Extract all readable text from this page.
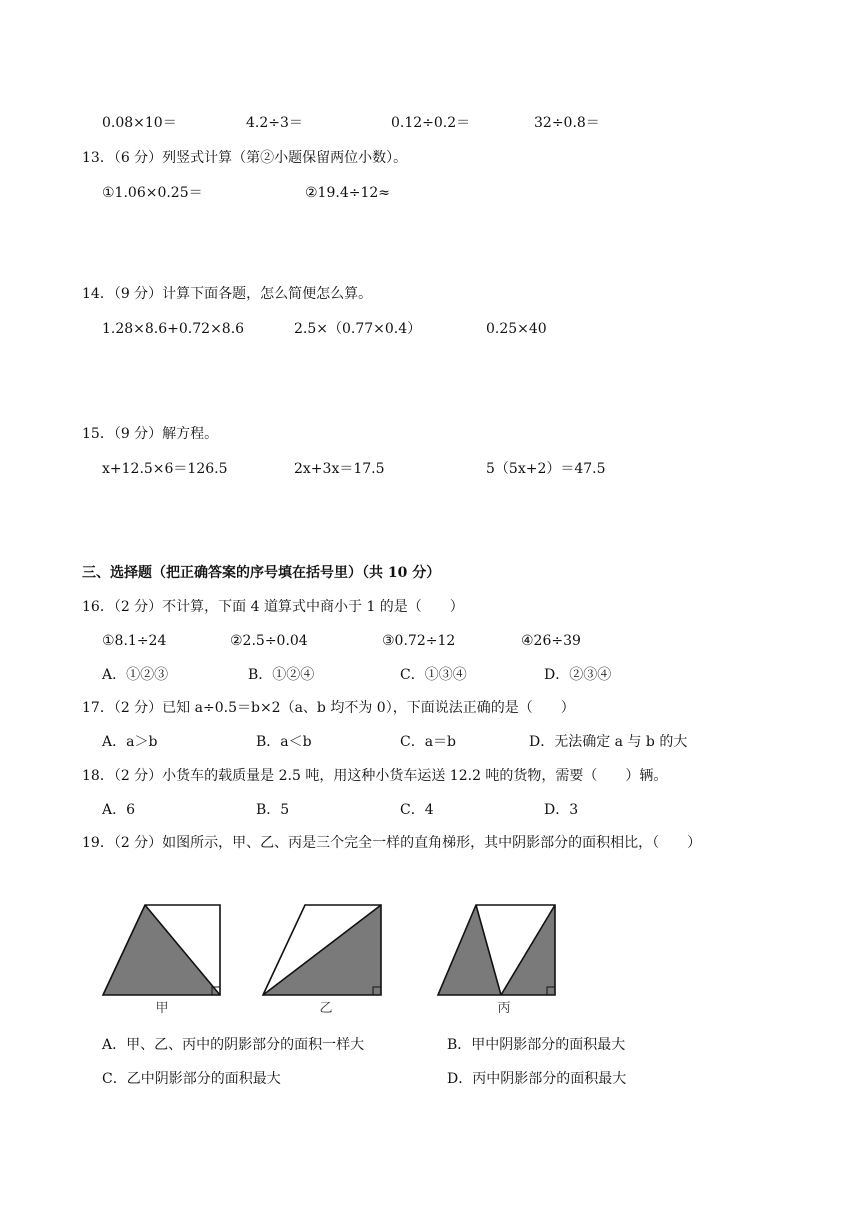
0.08×10＝	4.2÷3＝	0.12÷0.2＝	32÷0.8＝
13．（6 分）列竖式计算（第②小题保留两位小数）。
①1.06×0.25＝	②19.4÷12≈
14．（9 分）计算下面各题，怎么简便怎么算。
1.28×8.6+0.72×8.6	2.5×（0.77×0.4）	0.25×40
15．（9 分）解方程。
x+12.5×6＝126.5	2x+3x＝17.5	5（5x+2）＝47.5
三、选择题（把正确答案的序号填在括号里）（共 10 分）
16．（2 分）不计算，下面 4 道算式中商小于 1 的是（　　）
①8.1÷24	②2.5÷0.04	③0.72÷12	④26÷39
A．①②③	B．①②④	C．①③④	D．②③④
17．（2 分）已知 a÷0.5＝b×2（a、b 均不为 0），下面说法正确的是（　　）
A．a＞b	B．a＜b	C．a＝b	D．无法确定 a 与 b 的大
18．（2 分）小货车的载质量是 2.5 吨，用这种小货车运送 12.2 吨的货物，需要（　　）辆。
A．6	B．5	C．4	D．3
19．（2 分）如图所示，甲、乙、丙是三个完全一样的直角梯形，其中阴影部分的面积相比，（　　）
甲	乙	丙
A．甲、乙、丙中的阴影部分的面积一样大	B．甲中阴影部分的面积最大
C．乙中阴影部分的面积最大	D．丙中阴影部分的面积最大
